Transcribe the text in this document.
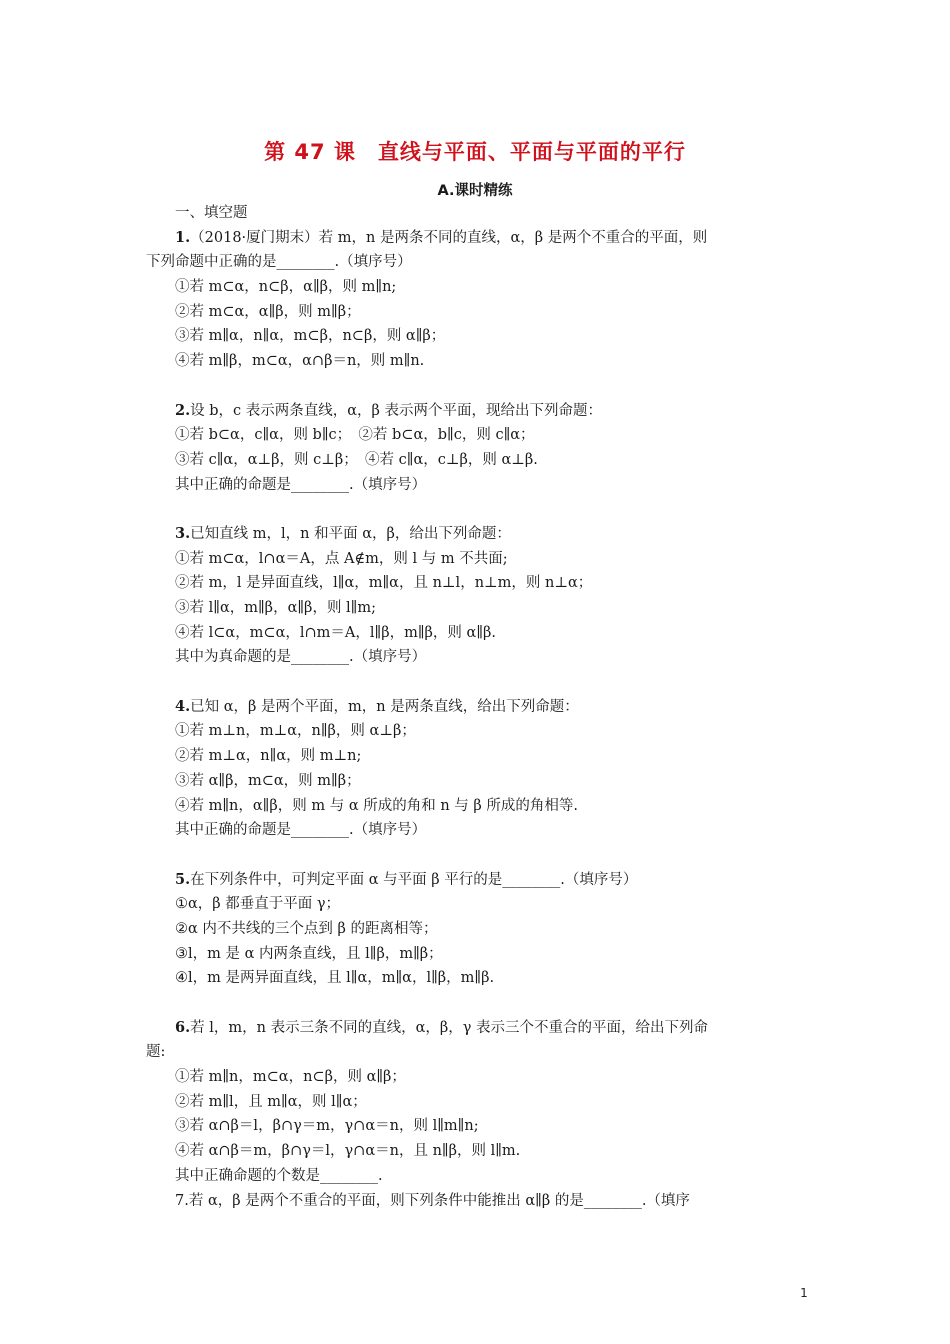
第 47 课　直线与平面、平面与平面的平行
A.课时精练
一、填空题
1.（2018·厦门期末）若 m，n 是两条不同的直线，α，β 是两个不重合的平面，则
下列命题中正确的是________.（填序号）
①若 m⊂α，n⊂β，α∥β，则 m∥n;
②若 m⊂α，α∥β，则 m∥β；
③若 m∥α，n∥α，m⊂β，n⊂β，则 α∥β；
④若 m∥β，m⊂α，α∩β＝n，则 m∥n.
2.设 b，c 表示两条直线，α，β 表示两个平面，现给出下列命题：
①若 b⊂α，c∥α，则 b∥c；　②若 b⊂α，b∥c，则 c∥α；
③若 c∥α，α⊥β，则 c⊥β；　④若 c∥α，c⊥β，则 α⊥β.
其中正确的命题是________.（填序号）
3.已知直线 m，l，n 和平面 α，β，给出下列命题：
①若 m⊂α，l∩α＝A，点 A∉m，则 l 与 m 不共面;
②若 m，l 是异面直线，l∥α，m∥α，且 n⊥l，n⊥m，则 n⊥α；
③若 l∥α，m∥β，α∥β，则 l∥m;
④若 l⊂α，m⊂α，l∩m＝A，l∥β，m∥β，则 α∥β.
其中为真命题的是________.（填序号）
4.已知 α，β 是两个平面，m，n 是两条直线，给出下列命题：
①若 m⊥n，m⊥α，n∥β，则 α⊥β；
②若 m⊥α，n∥α，则 m⊥n;
③若 α∥β，m⊂α，则 m∥β；
④若 m∥n，α∥β，则 m 与 α 所成的角和 n 与 β 所成的角相等.
其中正确的命题是________.（填序号）
5.在下列条件中，可判定平面 α 与平面 β 平行的是________.（填序号）
①α，β 都垂直于平面 γ；
②α 内不共线的三个点到 β 的距离相等；
③l，m 是 α 内两条直线，且 l∥β，m∥β；
④l，m 是两异面直线，且 l∥α，m∥α，l∥β，m∥β.
6.若 l，m，n 表示三条不同的直线，α，β，γ 表示三个不重合的平面，给出下列命
题:
①若 m∥n，m⊂α，n⊂β，则 α∥β；
②若 m∥l，且 m∥α，则 l∥α；
③若 α∩β＝l，β∩γ＝m，γ∩α＝n，则 l∥m∥n;
④若 α∩β＝m，β∩γ＝l，γ∩α＝n，且 n∥β，则 l∥m.
其中正确命题的个数是________.
7.若 α，β 是两个不重合的平面，则下列条件中能推出 α∥β 的是________.（填序
1
